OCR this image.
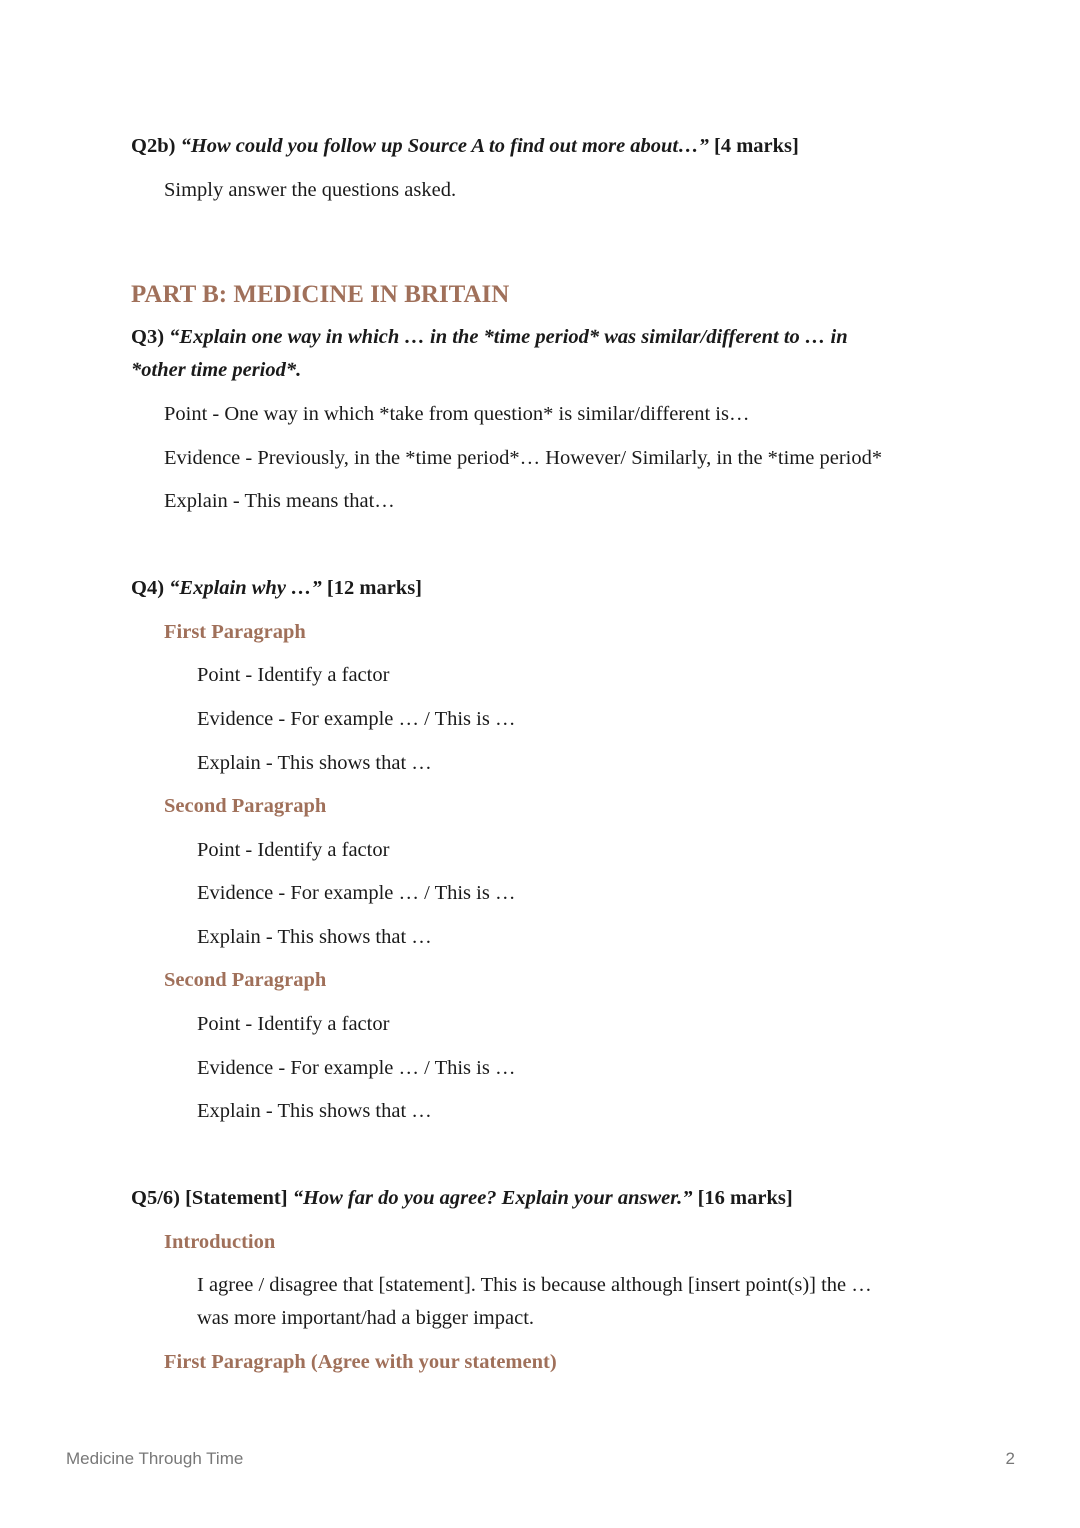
Q2b) “How could you follow up Source A to find out more about…” [4 marks]
Simply answer the questions asked.
PART B: MEDICINE IN BRITAIN
Q3) “Explain one way in which … in the *time period* was similar/different to … in
*other time period*.
Point - One way in which *take from question* is similar/different is…
Evidence - Previously, in the *time period*… However/ Similarly, in the *time period*
Explain - This means that…
Q4) “Explain why …” [12 marks]
First Paragraph
Point - Identify a factor
Evidence - For example … / This is …
Explain - This shows that …
Second Paragraph
Point - Identify a factor
Evidence - For example … / This is …
Explain - This shows that …
Second Paragraph
Point - Identify a factor
Evidence - For example … / This is …
Explain - This shows that …
Q5/6) [Statement] “How far do you agree? Explain your answer.” [16 marks]
Introduction
I agree / disagree that [statement]. This is because although [insert point(s)] the …
was more important/had a bigger impact.
First Paragraph (Agree with your statement)
Medicine Through Time	2
